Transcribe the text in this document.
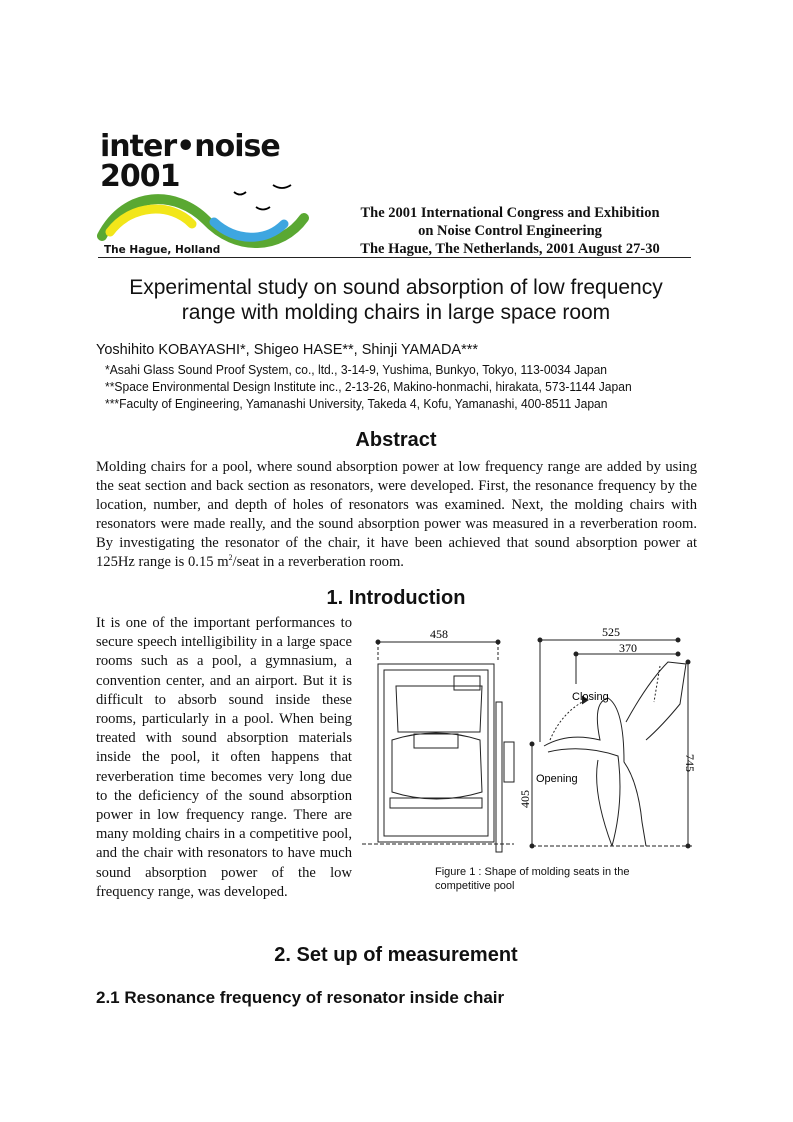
inter•noise 2001
The Hague, Holland
The 2001 International Congress and Exhibition
on Noise Control Engineering
The Hague, The Netherlands, 2001 August 27-30
Experimental study on sound absorption of low frequency
range with molding chairs in large space room
Yoshihito KOBAYASHI*, Shigeo HASE**, Shinji YAMADA***
*Asahi Glass Sound Proof System, co., ltd., 3-14-9, Yushima, Bunkyo, Tokyo, 113-0034 Japan
**Space Environmental Design Institute inc., 2-13-26, Makino-honmachi, hirakata, 573-1144 Japan
***Faculty of Engineering, Yamanashi University, Takeda 4, Kofu, Yamanashi, 400-8511 Japan
Abstract
Molding chairs for a pool, where sound absorption power at low frequency range are added by using the seat section and back section as resonators, were developed. First, the resonance frequency by the location, number, and depth of holes of resonators was examined. Next, the molding chairs with resonators were made really, and the sound absorption power was measured in a reverberation room. By investigating the resonator of the chair, it have been achieved that sound absorption power at 125Hz range is 0.15 $m^2$/seat in a reverberation room.
1. Introduction
It is one of the important performances to secure speech intelligibility in a large space rooms such as a pool, a gymnasium, a convention center, and an airport. But it is difficult to absorb sound inside these rooms, particularly in a pool. When being treated with sound absorption materials inside the pool, it often happens that reverberation time becomes very long due to the deficiency of the sound absorption power in low frequency range. There are many molding chairs in a competitive pool, and the chair with resonators to have much sound absorption power of the low frequency range, was developed.
458	525
370
405
745
Closing
Opening
Figure 1 : Shape of molding seats in the competitive pool
2. Set up of measurement
2.1 Resonance frequency of resonator inside chair
